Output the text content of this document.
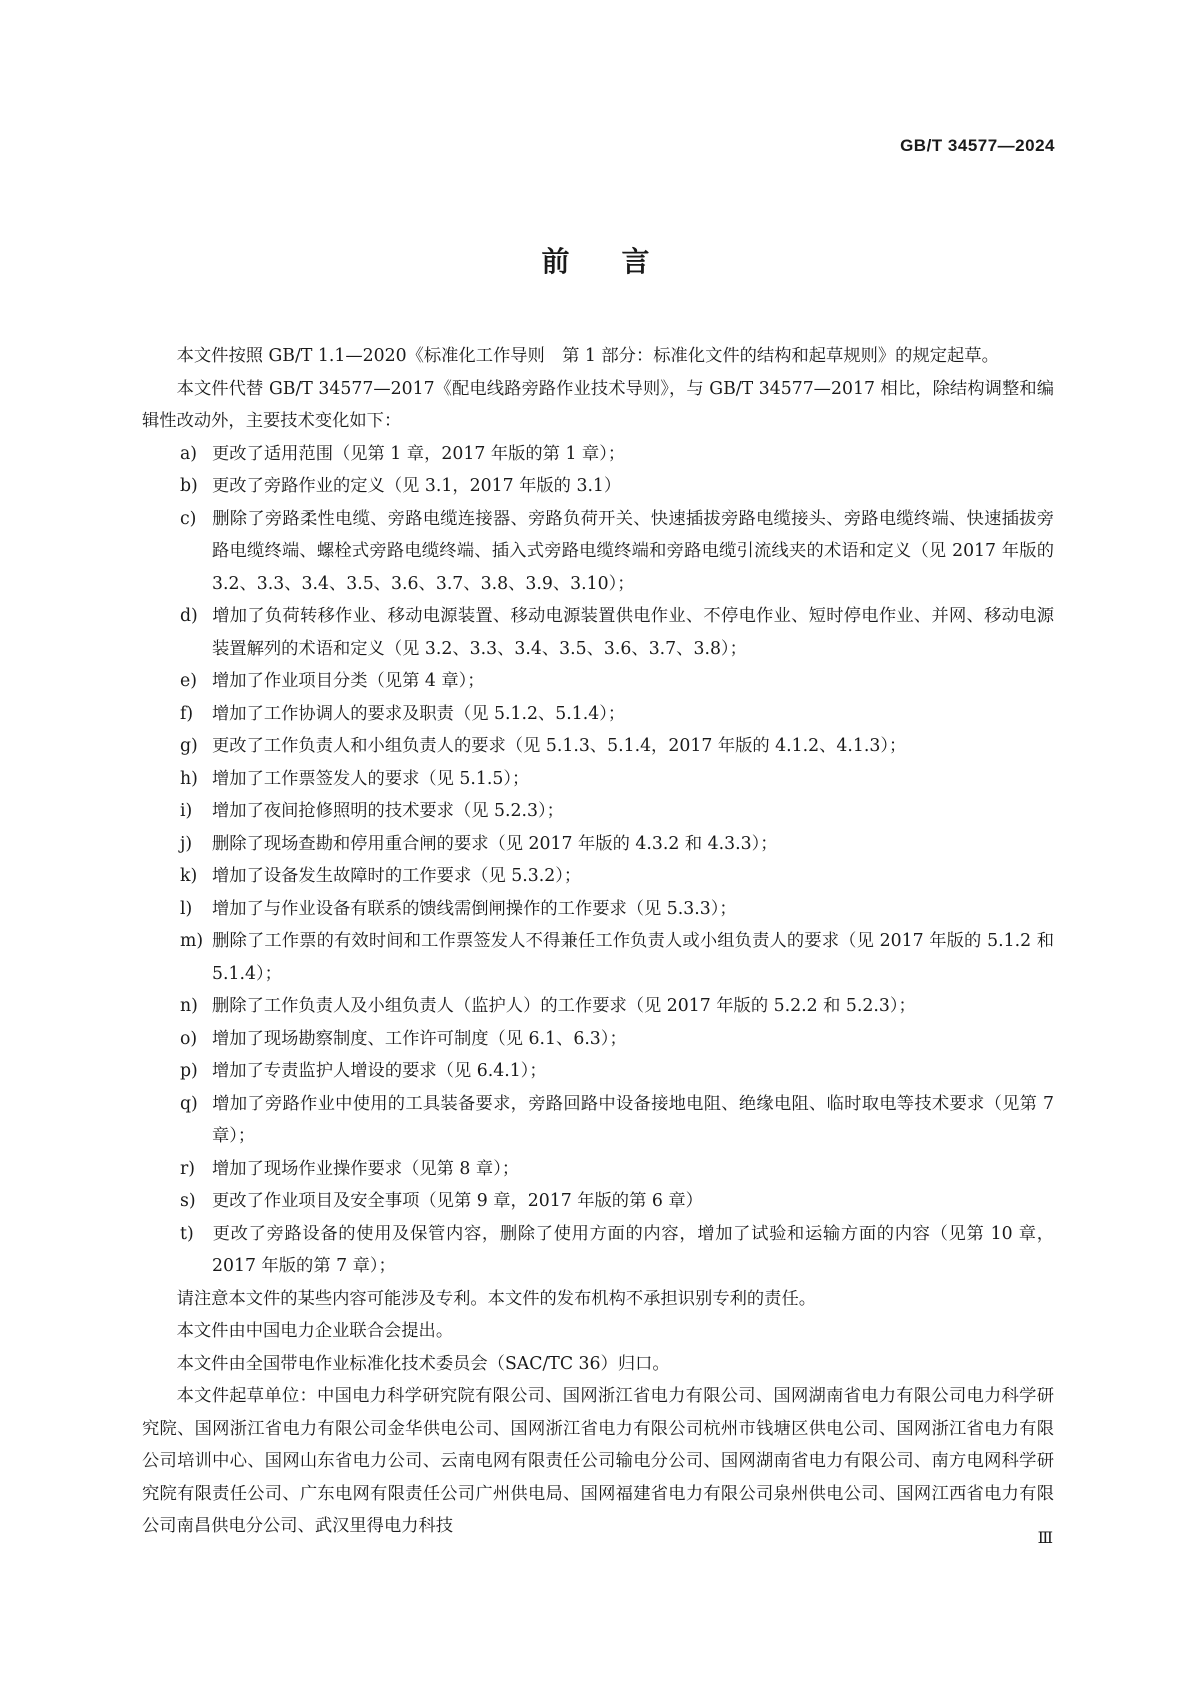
GB/T 34577—2024
前言

本文件按照 GB/T 1.1—2020《标准化工作导则　第 1 部分：标准化文件的结构和起草规则》的规定起草。

本文件代替 GB/T 34577—2017《配电线路旁路作业技术导则》，与 GB/T 34577—2017 相比，除结构调整和编辑性改动外，主要技术变化如下：

a) 更改了适用范围（见第 1 章，2017 年版的第 1 章）；
b) 更改了旁路作业的定义（见 3.1，2017 年版的 3.1）
c) 删除了旁路柔性电缆、旁路电缆连接器、旁路负荷开关、快速插拔旁路电缆接头、旁路电缆终端、快速插拔旁路电缆终端、螺栓式旁路电缆终端、插入式旁路电缆终端和旁路电缆引流线夹的术语和定义（见 2017 年版的 3.2、3.3、3.4、3.5、3.6、3.7、3.8、3.9、3.10）；
d) 增加了负荷转移作业、移动电源装置、移动电源装置供电作业、不停电作业、短时停电作业、并网、移动电源装置解列的术语和定义（见 3.2、3.3、3.4、3.5、3.6、3.7、3.8）；
e) 增加了作业项目分类（见第 4 章）；
f) 增加了工作协调人的要求及职责（见 5.1.2、5.1.4）；
g) 更改了工作负责人和小组负责人的要求（见 5.1.3、5.1.4，2017 年版的 4.1.2、4.1.3）；
h) 增加了工作票签发人的要求（见 5.1.5）；
i) 增加了夜间抢修照明的技术要求（见 5.2.3）；
j) 删除了现场查勘和停用重合闸的要求（见 2017 年版的 4.3.2 和 4.3.3）；
k) 增加了设备发生故障时的工作要求（见 5.3.2）；
l) 增加了与作业设备有联系的馈线需倒闸操作的工作要求（见 5.3.3）；
m) 删除了工作票的有效时间和工作票签发人不得兼任工作负责人或小组负责人的要求（见 2017 年版的 5.1.2 和 5.1.4）；
n) 删除了工作负责人及小组负责人（监护人）的工作要求（见 2017 年版的 5.2.2 和 5.2.3）；
o) 增加了现场勘察制度、工作许可制度（见 6.1、6.3）；
p) 增加了专责监护人增设的要求（见 6.4.1）；
q) 增加了旁路作业中使用的工具装备要求，旁路回路中设备接地电阻、绝缘电阻、临时取电等技术要求（见第 7 章）；
r) 增加了现场作业操作要求（见第 8 章）；
s) 更改了作业项目及安全事项（见第 9 章，2017 年版的第 6 章）
t) 更改了旁路设备的使用及保管内容，删除了使用方面的内容，增加了试验和运输方面的内容（见第 10 章，2017 年版的第 7 章）；

请注意本文件的某些内容可能涉及专利。本文件的发布机构不承担识别专利的责任。

本文件由中国电力企业联合会提出。

本文件由全国带电作业标准化技术委员会（SAC/TC 36）归口。

本文件起草单位：中国电力科学研究院有限公司、国网浙江省电力有限公司、国网湖南省电力有限公司电力科学研究院、国网浙江省电力有限公司金华供电公司、国网浙江省电力有限公司杭州市钱塘区供电公司、国网浙江省电力有限公司培训中心、国网山东省电力公司、云南电网有限责任公司输电分公司、国网湖南省电力有限公司、南方电网科学研究院有限责任公司、广东电网有限责任公司广州供电局、国网福建省电力有限公司泉州供电公司、国网江西省电力有限公司南昌供电分公司、武汉里得电力科技

Ⅲ
